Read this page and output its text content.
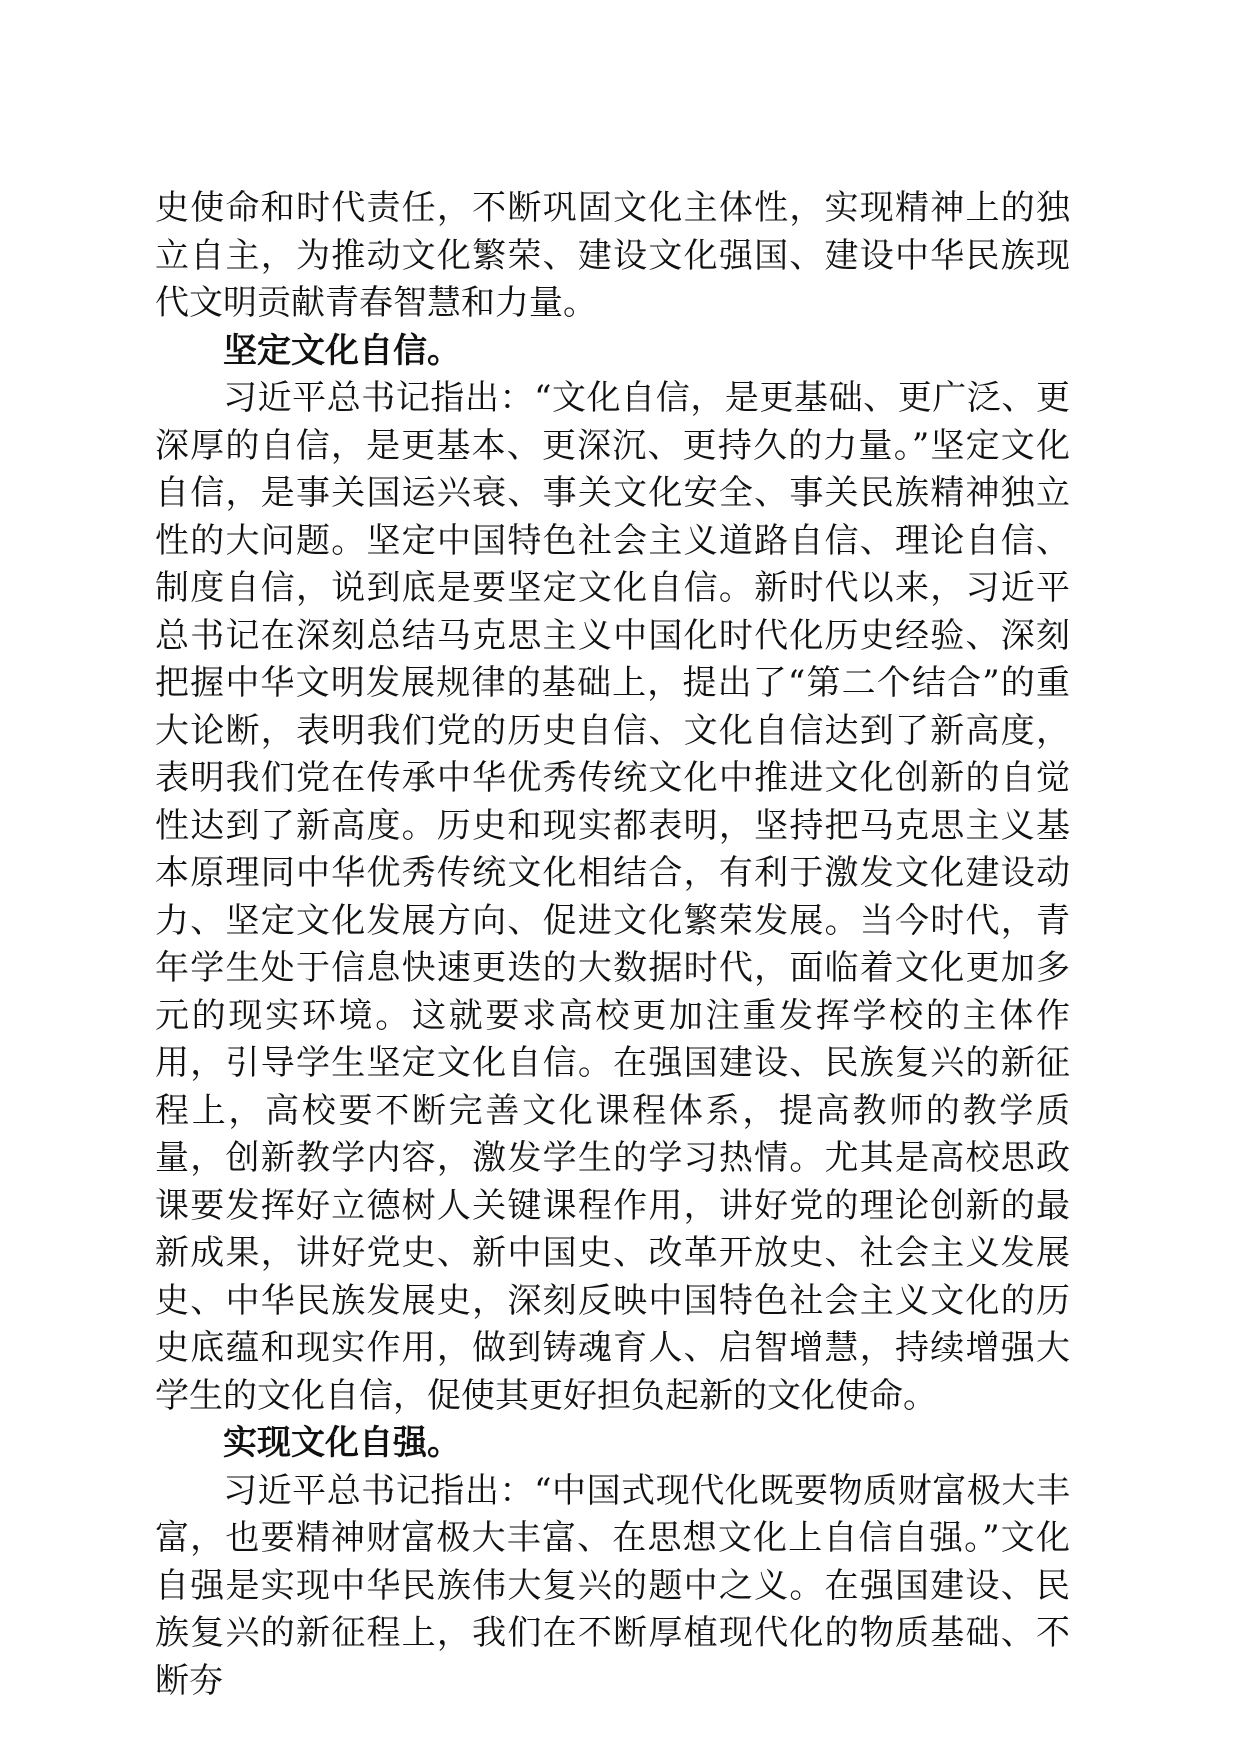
史使命和时代责任，不断巩固文化主体性，实现精神上的独立自主，为推动文化繁荣、建设文化强国、建设中华民族现代文明贡献青春智慧和力量。

坚定文化自信。

习近平总书记指出：“文化自信，是更基础、更广泛、更深厚的自信，是更基本、更深沉、更持久的力量。”坚定文化自信，是事关国运兴衰、事关文化安全、事关民族精神独立性的大问题。坚定中国特色社会主义道路自信、理论自信、制度自信，说到底是要坚定文化自信。新时代以来，习近平总书记在深刻总结马克思主义中国化时代化历史经验、深刻把握中华文明发展规律的基础上，提出了“第二个结合”的重大论断，表明我们党的历史自信、文化自信达到了新高度，表明我们党在传承中华优秀传统文化中推进文化创新的自觉性达到了新高度。历史和现实都表明，坚持把马克思主义基本原理同中华优秀传统文化相结合，有利于激发文化建设动力、坚定文化发展方向、促进文化繁荣发展。当今时代，青年学生处于信息快速更迭的大数据时代，面临着文化更加多元的现实环境。这就要求高校更加注重发挥学校的主体作用，引导学生坚定文化自信。在强国建设、民族复兴的新征程上，高校要不断完善文化课程体系，提高教师的教学质量，创新教学内容，激发学生的学习热情。尤其是高校思政课要发挥好立德树人关键课程作用，讲好党的理论创新的最新成果，讲好党史、新中国史、改革开放史、社会主义发展史、中华民族发展史，深刻反映中国特色社会主义文化的历史底蕴和现实作用，做到铸魂育人、启智增慧，持续增强大学生的文化自信，促使其更好担负起新的文化使命。

实现文化自强。

习近平总书记指出：“中国式现代化既要物质财富极大丰富，也要精神财富极大丰富、在思想文化上自信自强。”文化自强是实现中华民族伟大复兴的题中之义。在强国建设、民族复兴的新征程上，我们在不断厚植现代化的物质基础、不断夯
